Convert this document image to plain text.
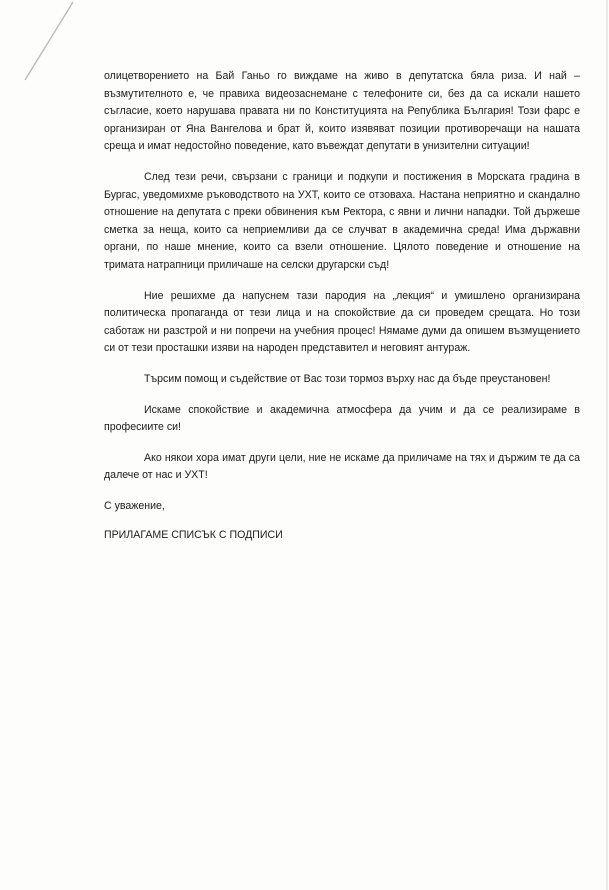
олицетворението на Бай Ганьо го виждаме на живо в депутатска бяла риза. И най – възмутителното е, че правиха видеозаснемане с телефоните си, без да са искали нашето съгласие, което нарушава правата ни по Конституцията на Република България! Този фарс е организиран от Яна Вангелова и брат й, които изявяват позиции противоречащи на нашата среща и имат недостойно поведение, като въвеждат депутати в унизителни ситуации!

След тези речи, свързани с граници и подкупи и постижения в Морската градина в Бургас, уведомихме ръководството на УХТ, които се отзоваха. Настана неприятно и скандално отношение на депутата с преки обвинения към Ректора, с явни и лични нападки. Той държеше сметка за неща, които са неприемливи да се случват в академична среда! Има държавни органи, по наше мнение, които са взели отношение. Цялото поведение и отношение на тримата натрапници приличаше на селски другарски съд!

Ние решихме да напуснем тази пародия на „лекция“ и умишлено организирана политическа пропаганда от тези лица и на спокойствие да си проведем срещата. Но този саботаж ни разстрой и ни попречи на учебния процес! Нямаме думи да опишем възмущението си от тези просташки изяви на народен представител и неговият антураж.

Търсим помощ и съдействие от Вас този тормоз върху нас да бъде преустановен!

Искаме спокойствие и академична атмосфера да учим и да се реализираме в професиите си!

Ако някои хора имат други цели, ние не искаме да приличаме на тях и държим те да са далече от нас и УХТ!

С уважение,

ПРИЛАГАМЕ СПИСЪК С ПОДПИСИ
